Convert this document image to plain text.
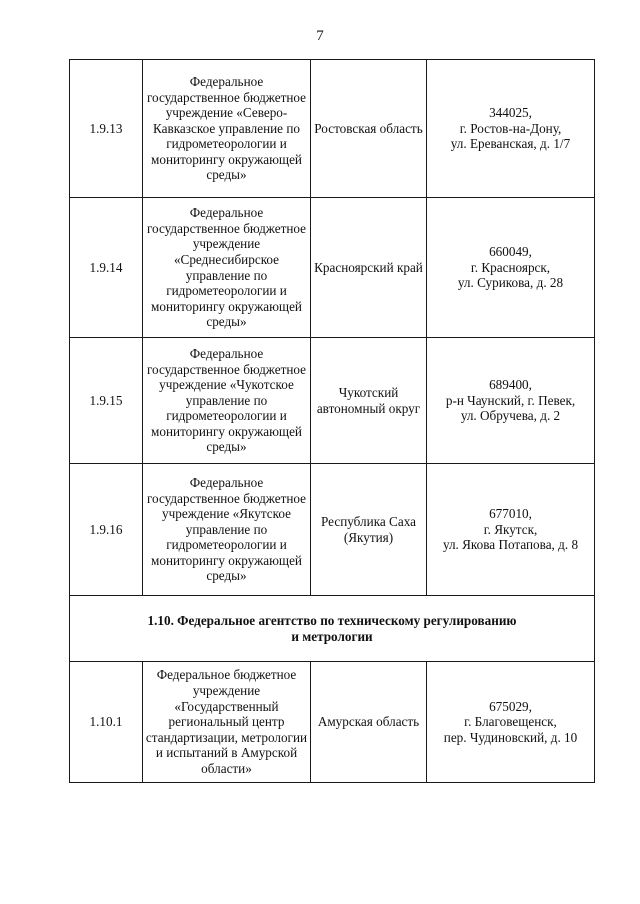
7
1.9.13	Федеральное государственное бюджетное учреждение «Северо-Кавказское управление по гидрометеорологии и мониторингу окружающей среды»	Ростовская область	344025,
г. Ростов-на-Дону,
ул. Ереванская, д. 1/7

1.9.14	Федеральное государственное бюджетное учреждение «Среднесибирское управление по гидрометеорологии и мониторингу окружающей среды»	Красноярский край	660049,
г. Красноярск,
ул. Сурикова, д. 28

1.9.15	Федеральное государственное бюджетное учреждение «Чукотское управление по гидрометеорологии и мониторингу окружающей среды»	Чукотский автономный округ	689400,
р-н Чаунский, г. Певек,
ул. Обручева, д. 2

1.9.16	Федеральное государственное бюджетное учреждение «Якутское управление по гидрометеорологии и мониторингу окружающей среды»	Республика Саха (Якутия)	677010,
г. Якутск,
ул. Якова Потапова, д. 8

1.10. Федеральное агентство по техническому регулированию
и метрологии			

1.10.1	Федеральное бюджетное учреждение «Государственный региональный центр стандартизации, метрологии и испытаний в Амурской области»	Амурская область	675029,
г. Благовещенск,
пер. Чудиновский, д. 10
